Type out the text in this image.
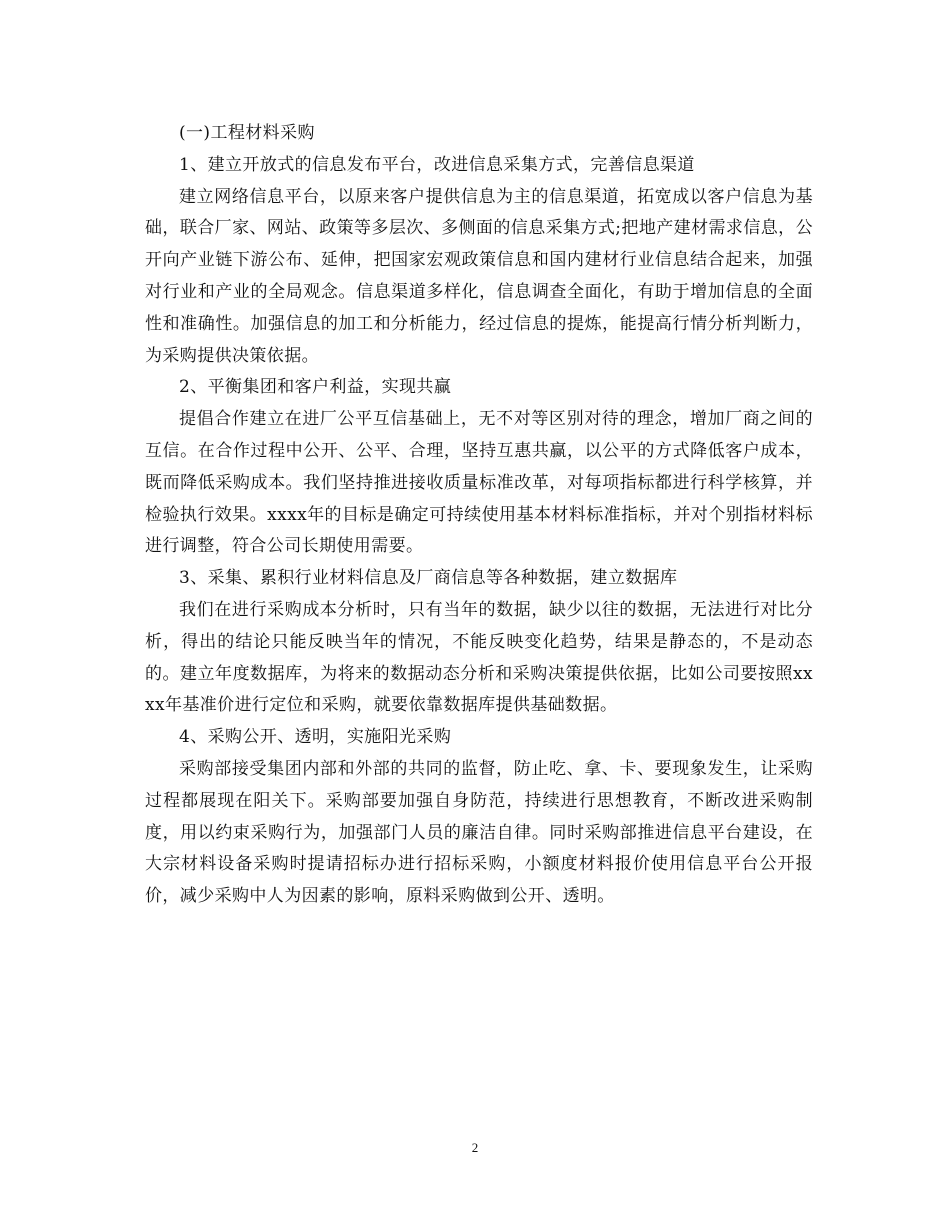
(一)工程材料采购

1、建立开放式的信息发布平台，改进信息采集方式，完善信息渠道

建立网络信息平台，以原来客户提供信息为主的信息渠道，拓宽成以客户信息为基础，联合厂家、网站、政策等多层次、多侧面的信息采集方式;把地产建材需求信息，公开向产业链下游公布、延伸，把国家宏观政策信息和国内建材行业信息结合起来，加强对行业和产业的全局观念。信息渠道多样化，信息调查全面化，有助于增加信息的全面性和准确性。加强信息的加工和分析能力，经过信息的提炼，能提高行情分析判断力，为采购提供决策依据。

2、平衡集团和客户利益，实现共赢

提倡合作建立在进厂公平互信基础上，无不对等区别对待的理念，增加厂商之间的互信。在合作过程中公开、公平、合理，坚持互惠共赢，以公平的方式降低客户成本，既而降低采购成本。我们坚持推进接收质量标准改革，对每项指标都进行科学核算，并检验执行效果。xxxx年的目标是确定可持续使用基本材料标准指标，并对个别指材料标进行调整，符合公司长期使用需要。

3、采集、累积行业材料信息及厂商信息等各种数据，建立数据库

我们在进行采购成本分析时，只有当年的数据，缺少以往的数据，无法进行对比分析，得出的结论只能反映当年的情况，不能反映变化趋势，结果是静态的，不是动态的。建立年度数据库，为将来的数据动态分析和采购决策提供依据，比如公司要按照xxxx年基准价进行定位和采购，就要依靠数据库提供基础数据。

4、采购公开、透明，实施阳光采购

采购部接受集团内部和外部的共同的监督，防止吃、拿、卡、要现象发生，让采购过程都展现在阳关下。采购部要加强自身防范，持续进行思想教育，不断改进采购制度，用以约束采购行为，加强部门人员的廉洁自律。同时采购部推进信息平台建设，在大宗材料设备采购时提请招标办进行招标采购，小额度材料报价使用信息平台公开报价，减少采购中人为因素的影响，原料采购做到公开、透明。

2
